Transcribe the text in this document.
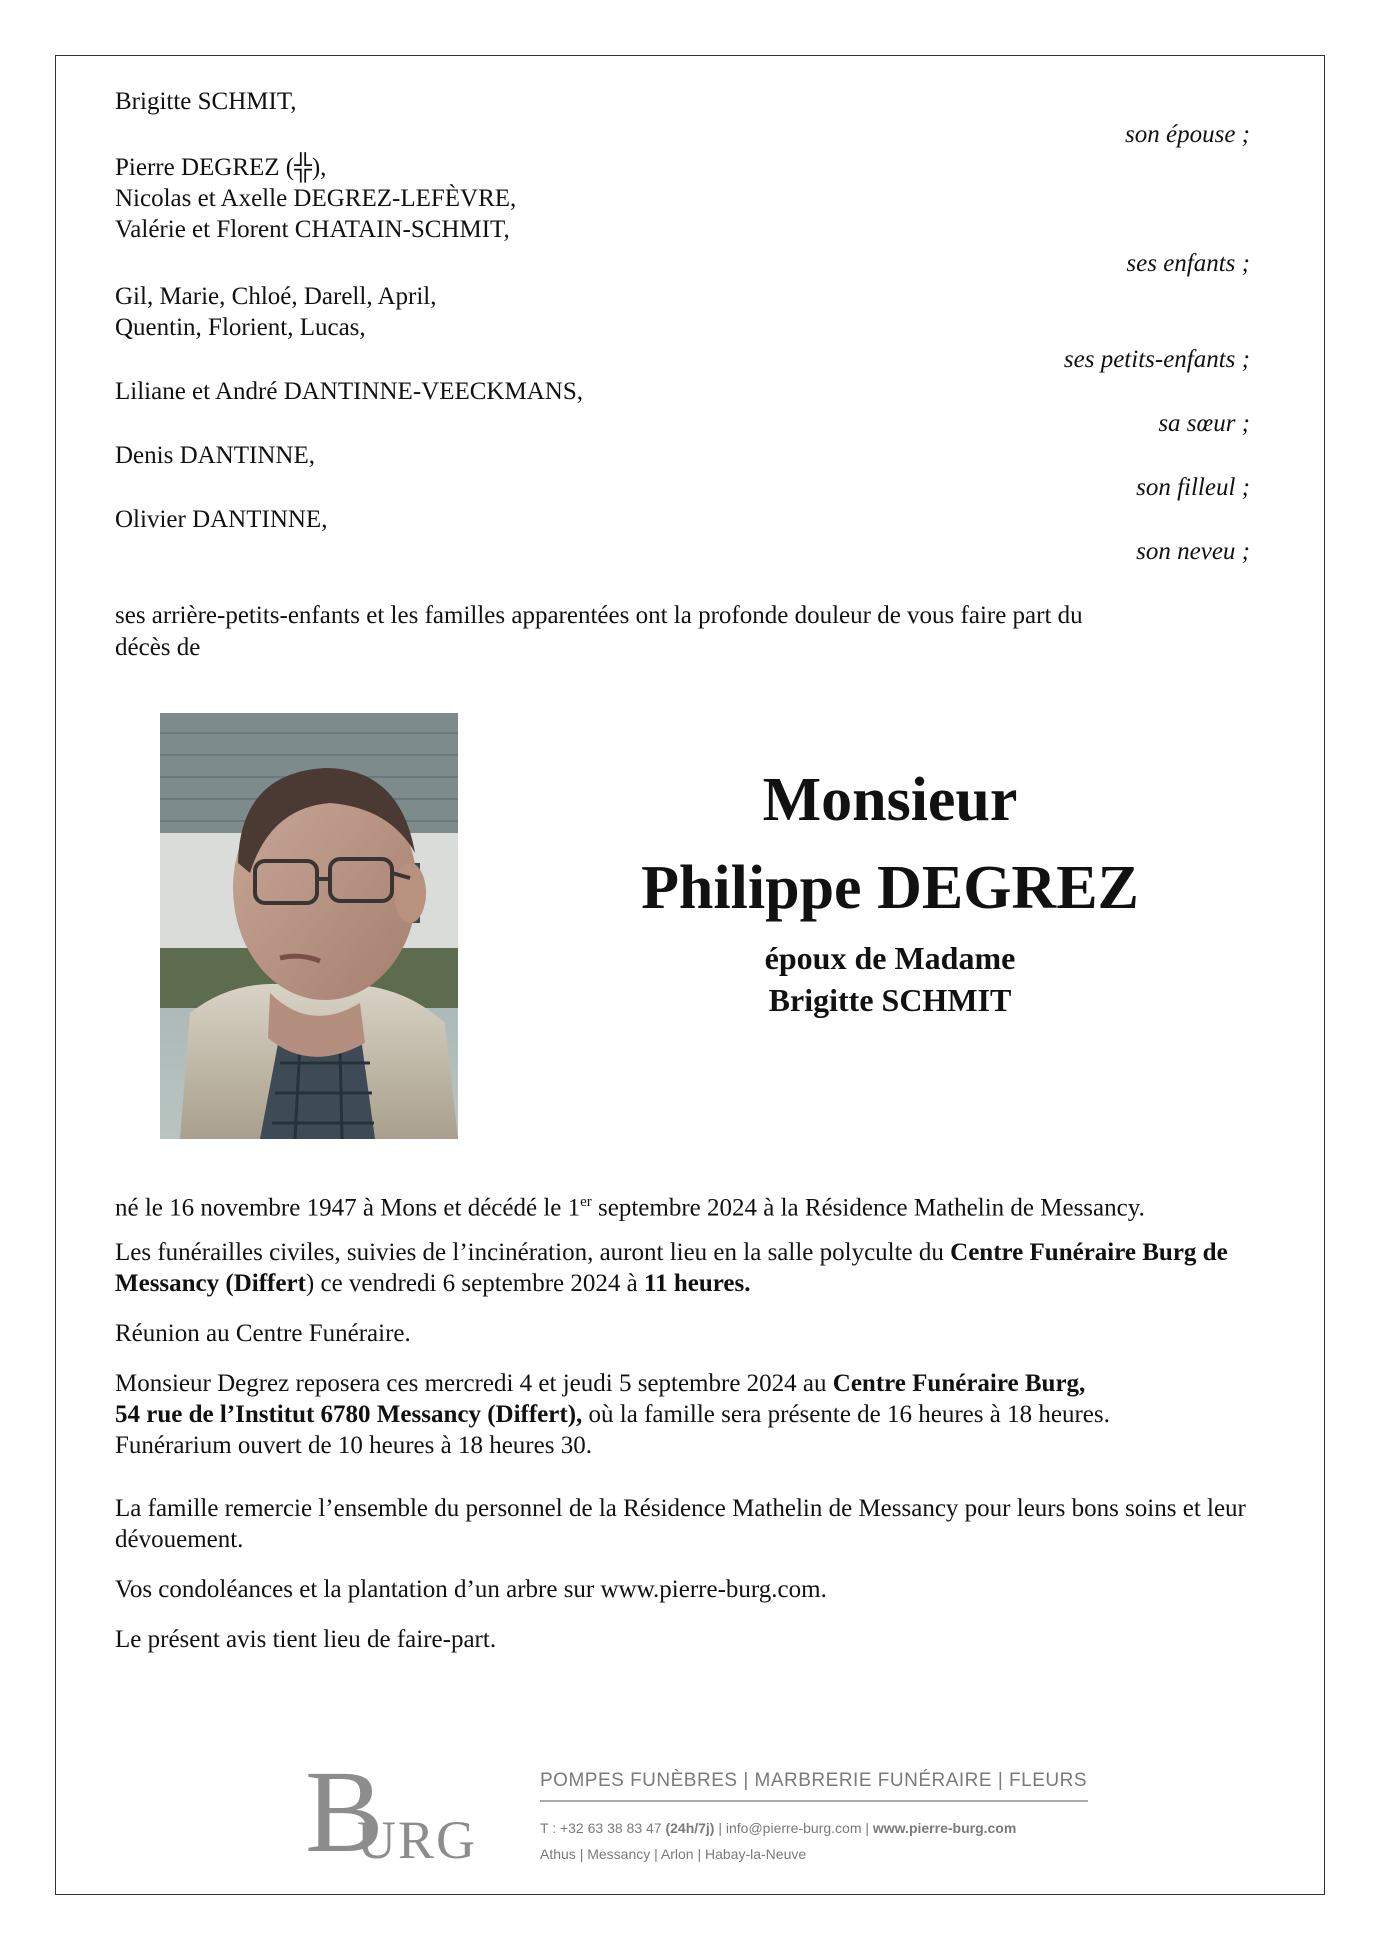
Brigitte SCHMIT,
son épouse ;
Pierre DEGREZ (╬),
Nicolas et Axelle DEGREZ-LEFÈVRE,
Valérie et Florent CHATAIN-SCHMIT,
ses enfants ;
Gil, Marie, Chloé, Darell, April,
Quentin, Florient, Lucas,
ses petits-enfants ;
Liliane et André DANTINNE-VEECKMANS,
sa sœur ;
Denis DANTINNE,
son filleul ;
Olivier DANTINNE,
son neveu ;
ses arrière-petits-enfants et les familles apparentées ont la profonde douleur de vous faire part du
décès de
Monsieur
Philippe DEGREZ
époux de Madame
Brigitte SCHMIT
né le 16 novembre 1947 à Mons et décédé le 1er septembre 2024 à la Résidence Mathelin de Messancy.
Les funérailles civiles, suivies de l’incinération, auront lieu en la salle polyculte du Centre Funéraire Burg de Messancy (Differt) ce vendredi 6 septembre 2024 à 11 heures.
Réunion au Centre Funéraire.
Monsieur Degrez reposera ces mercredi 4 et jeudi 5 septembre 2024 au Centre Funéraire Burg,
54 rue de l’Institut 6780 Messancy (Differt), où la famille sera présente de 16 heures à 18 heures.
Funérarium ouvert de 10 heures à 18 heures 30.
La famille remercie l’ensemble du personnel de la Résidence Mathelin de Messancy pour leurs bons soins et leur dévouement.
Vos condoléances et la plantation d’un arbre sur www.pierre-burg.com.
Le présent avis tient lieu de faire-part.
B
URG
POMPES FUNÈBRES | MARBRERIE FUNÉRAIRE | FLEURS
T : +32 63 38 83 47 (24h/7j) | info@pierre-burg.com | www.pierre-burg.com
Athus | Messancy | Arlon | Habay-la-Neuve
